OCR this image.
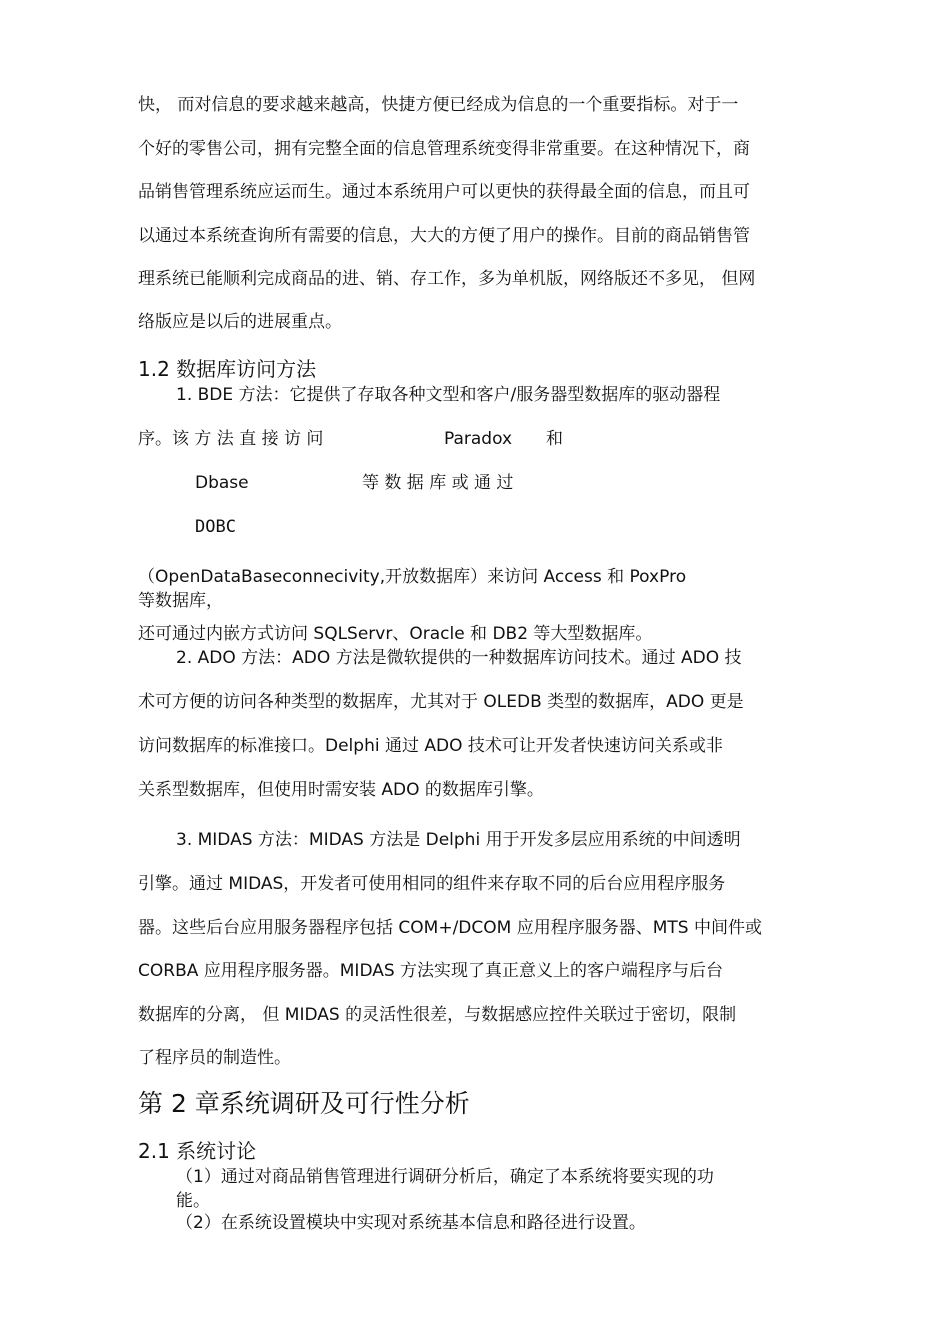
快， 而对信息的要求越来越高，快捷方便已经成为信息的一个重要指标。对于一
个好的零售公司，拥有完整全面的信息管理系统变得非常重要。在这种情况下，商
品销售管理系统应运而生。通过本系统用户可以更快的获得最全面的信息，而且可
以通过本系统查询所有需要的信息，大大的方便了用户的操作。目前的商品销售管
理系统已能顺利完成商品的进、销、存工作，多为单机版，网络版还不多见， 但网
络版应是以后的进展重点。
1.2 数据库访问方法
1. BDE 方法：它提供了存取各种文型和客户/服务器型数据库的驱动器程
序。该 方 法 直 接 访 问	Paradox 和
Dbase	等 数 据 库 或 通 过
DOBC
（OpenDataBaseconnecivity,开放数据库）来访问 Access 和 PoxPro
等数据库，
还可通过内嵌方式访问 SQLServr、Oracle 和 DB2 等大型数据库。
2. ADO 方法：ADO 方法是微软提供的一种数据库访问技术。通过 ADO 技
术可方便的访问各种类型的数据库，尤其对于 OLEDB 类型的数据库，ADO 更是
访问数据库的标准接口。Delphi 通过 ADO 技术可让开发者快速访问关系或非
关系型数据库，但使用时需安装 ADO 的数据库引擎。
3. MIDAS 方法：MIDAS 方法是 Delphi 用于开发多层应用系统的中间透明
引擎。通过 MIDAS，开发者可使用相同的组件来存取不同的后台应用程序服务
器。这些后台应用服务器程序包括 COM+/DCOM 应用程序服务器、MTS 中间件或
CORBA 应用程序服务器。MIDAS 方法实现了真正意义上的客户端程序与后台
数据库的分离， 但 MIDAS 的灵活性很差，与数据感应控件关联过于密切，限制
了程序员的制造性。
第 2 章系统调研及可行性分析
2.1 系统讨论
（1）通过对商品销售管理进行调研分析后，确定了本系统将要实现的功
能。
（2）在系统设置模块中实现对系统基本信息和路径进行设置。
